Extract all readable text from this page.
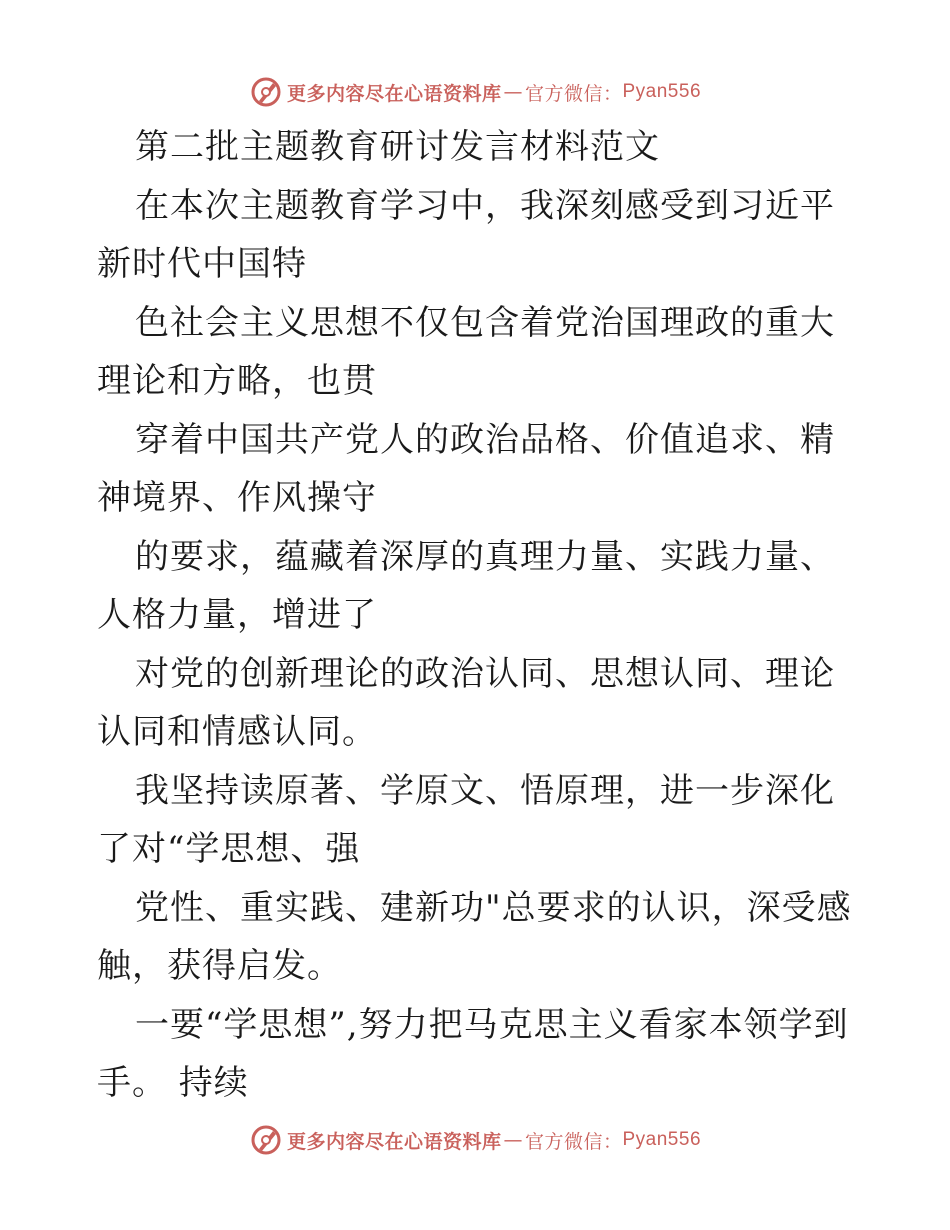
更多内容尽在心语资料库 — 官方微信： Pyan556

第二批主题教育研讨发言材料范文

在本次主题教育学习中，我深刻感受到习近平新时代中国特

色社会主义思想不仅包含着党治国理政的重大理论和方略，也贯

穿着中国共产党人的政治品格、价值追求、精神境界、作风操守

的要求，蕴藏着深厚的真理力量、实践力量、人格力量，增进了

对党的创新理论的政治认同、思想认同、理论认同和情感认同。

我坚持读原著、学原文、悟原理，进一步深化了对“学思想、强

党性、重实践、建新功"总要求的认识，深受感触，获得启发。

一要“学思想”,努力把马克思主义看家本领学到手。 持续

更多内容尽在心语资料库 — 官方微信： Pyan556
